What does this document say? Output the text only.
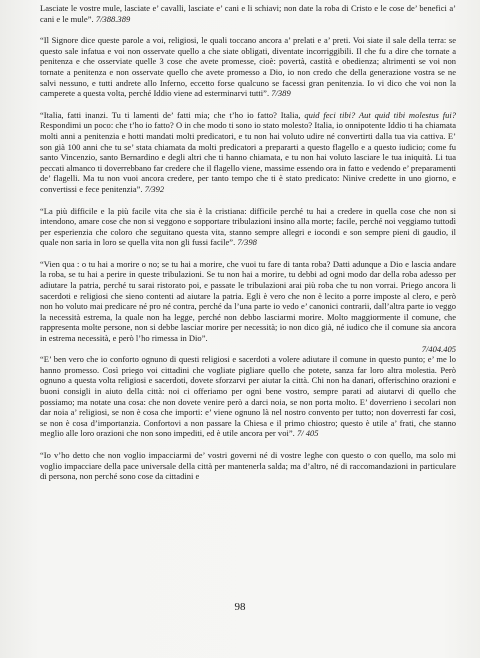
Lasciate le vostre mule, lasciate e’ cavalli, lasciate e’ cani e li schiavi; non date la roba di Cristo e le cose de’ benefici a’ cani e le mule”. 7/388.389

“Il Signore dice queste parole a voi, religiosi, le quali toccano ancora a’ prelati e a’ preti. Voi siate il sale della terra: se questo sale infatua e voi non osservate quello a che siate obligati, diventate incorriggibili. Il che fu a dire che tornate a penitenza e che osserviate quelle 3 cose che avete promesse, cioè: povertà, castità e obedienza; altrimenti se voi non tornate a penitenza e non osservate quello che avete promesso a Dio, io non credo che della generazione vostra se ne salvi nessuno, e tutti andrete allo Inferno, eccetto forse qualcuno se facessi gran penitenzia. Io vi dico che voi non la camperete a questa volta, perché Iddio viene ad esterminarvi tutti”. 7/389

“Italia, fatti inanzi. Tu ti lamenti de’ fatti mia; che t’ho io fatto? Italia, quid feci tibi? Aut quid tibi molestus fui? Respondimi un poco: che t’ho io fatto? O in che modo ti sono io stato molesto? Italia, io onnipotente Iddio ti ha chiamata molti anni a penitenzia e hotti mandati molti predicatori, e tu non hai voluto udire né convertirti dalla tua via cattiva. E’ son già 100 anni che tu se’ stata chiamata da molti predicatori a prepararti a questo flagello e a questo iudicio; come fu santo Vincenzio, santo Bernardino e degli altri che ti hanno chiamata, e tu non hai voluto lasciare le tua iniquità. Li tua peccati almanco ti doverrebbano far credere che il flagello viene, massime essendo ora in fatto e vedendo e’ preparamenti de’ flagelli. Ma tu non vuoi ancora credere, per tanto tempo che ti è stato predicato: Ninive credette in uno giorno, e convertissi e fece penitenzia”. 7/392

“La più difficile e la più facile vita che sia è la cristiana: difficile perché tu hai a credere in quella cose che non si intendono, amare cose che non si veggono e sopportare tribulazioni insino alla morte; facile, perché noi veggiamo tuttodì per esperienzia che coloro che seguitano questa vita, stanno sempre allegri e iocondi e son sempre pieni di gaudio, il quale non saria in loro se quella vita non gli fussi facile”. 7/398

“Vien qua : o tu hai a morire o no; se tu hai a morire, che vuoi tu fare di tanta roba? Datti adunque a Dio e lascia andare la roba, se tu hai a perire in queste tribulazioni. Se tu non hai a morire, tu debbi ad ogni modo dar della roba adesso per adiutare la patria, perché tu sarai ristorato poi, e passate le tribulazioni arai più roba che tu non vorrai. Priego ancora li sacerdoti e religiosi che sieno contenti ad aiutare la patria. Egli è vero che non è lecito a porre imposte al clero, e però non ho voluto mai predicare né pro né contra, perché da l’una parte io vedo e’ canonici contrarii, dall’altra parte io veggo la necessità estrema, la quale non ha legge, perché non debbo lasciarmi morire. Molto maggiormente il comune, che rappresenta molte persone, non si debbe lasciar morire per necessità; io non dico già, né iudico che il comune sia ancora in estrema necessità, e però l’ho rimessa in Dio”.

7/404.405

“E’ ben vero che io conforto ognuno di questi religiosi e sacerdoti a volere adiutare il comune in questo punto; e’ me lo hanno promesso. Così priego voi cittadini che vogliate pigliare quello che potete, sanza far loro altra molestia. Però ognuno a questa volta religiosi e sacerdoti, dovete sforzarvi per aiutar la città. Chi non ha danari, offerischino orazioni e buoni consigli in aiuto della città: noi ci offeriamo per ogni bene vostro, sempre parati ad aiutarvi di quello che possiamo; ma notate una cosa: che non dovete venire però a darci noia, se non porta molto. E’ doverrieno i secolari non dar noia a’ religiosi, se non è cosa che importi: e’ viene ognuno là nel nostro convento per tutto; non doverresti far così, se non è cosa d’importanzia. Confortovi a non passare la Chiesa e il primo chiostro; questo è utile a’ frati, che stanno meglio alle loro orazioni che non sono impediti, ed è utile ancora per voi”. 7/ 405

“Io v’ho detto che non voglio impacciarmi de’ vostri governi né di vostre leghe con questo o con quello, ma solo mi voglio impacciare della pace universale della città per mantenerla salda; ma d’altro, né di raccomandazioni in particulare di persona, non perché sono cose da cittadini e

98
